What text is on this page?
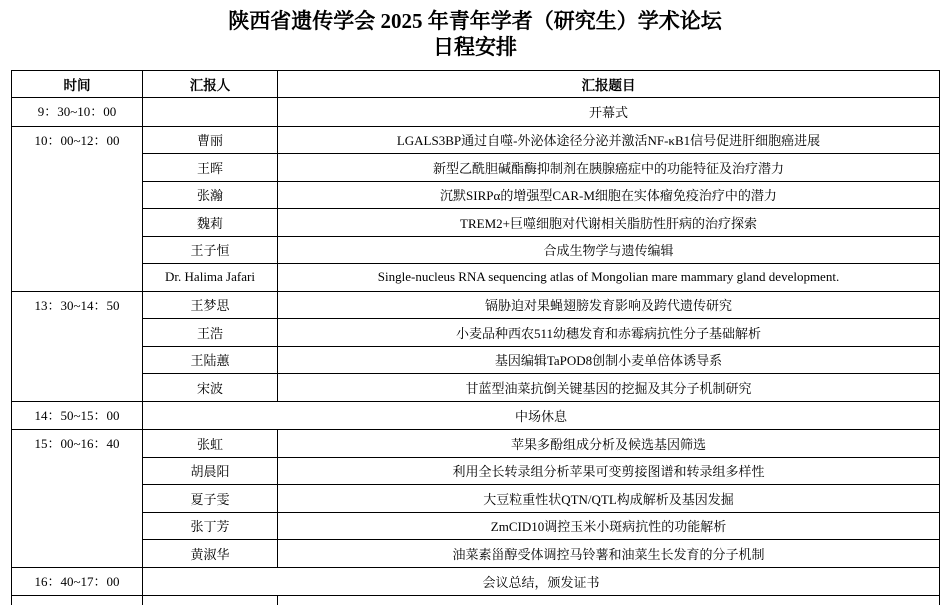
陕西省遗传学会 2025 年青年学者（研究生）学术论坛
日程安排
时间	汇报人	汇报题目
9：30~10：00		开幕式
10：00~12：00	曹丽	LGALS3BP通过自噬-外泌体途径分泌并激活NF-κB1信号促进肝细胞癌进展
	王晖	新型乙酰胆碱酯酶抑制剂在胰腺癌症中的功能特征及治疗潜力
	张瀚	沉默SIRPα的增强型CAR-M细胞在实体瘤免疫治疗中的潜力
	魏莉	TREM2+巨噬细胞对代谢相关脂肪性肝病的治疗探索
	王子恒	合成生物学与遗传编辑
	Dr. Halima Jafari	Single-nucleus RNA sequencing atlas of Mongolian mare mammary gland development.
13：30~14：50	王梦思	镉胁迫对果蝇翅膀发育影响及跨代遗传研究
	王浩	小麦品种西农511幼穗发育和赤霉病抗性分子基础解析
	王陆蕙	基因编辑TaPOD8创制小麦单倍体诱导系
	宋波	甘蓝型油菜抗倒关键基因的挖掘及其分子机制研究
14：50~15：00	中场休息	
15：00~16：40	张虹	苹果多酚组成分析及候选基因筛选
	胡晨阳	利用全长转录组分析苹果可变剪接图谱和转录组多样性
	夏子雯	大豆粒重性状QTN/QTL构成解析及基因发掘
	张丁芳	ZmCID10调控玉米小斑病抗性的功能解析
	黄淑华	油菜素甾醇受体调控马铃薯和油菜生长发育的分子机制
16：40~17：00	会议总结，颁发证书	
